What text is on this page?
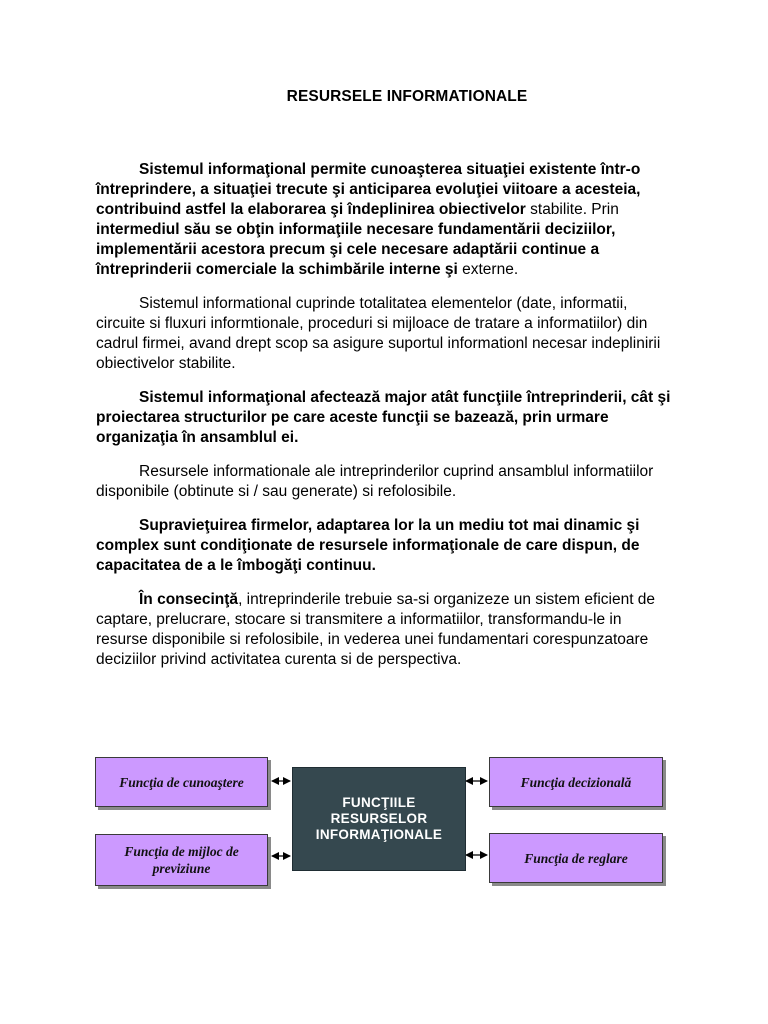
RESURSELE INFORMATIONALE

Sistemul informaţional permite cunoaşterea situaţiei existente într-o întreprindere, a situaţiei trecute şi anticiparea evoluţiei viitoare a acesteia, contribuind astfel la elaborarea şi îndeplinirea obiectivelor stabilite. Prin intermediul său se obţin informaţiile necesare fundamentării deciziilor, implementării acestora precum şi cele necesare adaptării continue a întreprinderii comerciale la schimbările interne şi externe.

Sistemul informational cuprinde totalitatea elementelor (date, informatii, circuite si fluxuri informtionale, proceduri si mijloace de tratare a informatiilor) din cadrul firmei, avand drept scop sa asigure suportul informationl necesar indeplinirii obiectivelor stabilite.

Sistemul informaţional afectează major atât funcţiile întreprinderii, cât şi proiectarea structurilor pe care aceste funcţii se bazează, prin urmare organizaţia în ansamblul ei.

Resursele informationale ale intreprinderilor cuprind ansamblul informatiilor disponibile (obtinute si / sau generate) si refolosibile.

Supravieţuirea firmelor, adaptarea lor la un mediu tot mai dinamic şi complex sunt condiţionate de resursele informaţionale de care dispun, de capacitatea de a le îmbogăţi continuu.

În consecinţă, intreprinderile trebuie sa-si organizeze un sistem eficient de captare, prelucrare, stocare si transmitere a informatiilor, transformandu-le in resurse disponibile si refolosibile, in vederea unei fundamentari corespunzatoare deciziilor privind activitatea curenta si de perspectiva.

Funcţia de cunoaştere
Funcţia de mijloc de
previziune
FUNCŢIILE
RESURSELOR
INFORMAŢIONALE
Funcţia decizională
Funcţia de reglare
